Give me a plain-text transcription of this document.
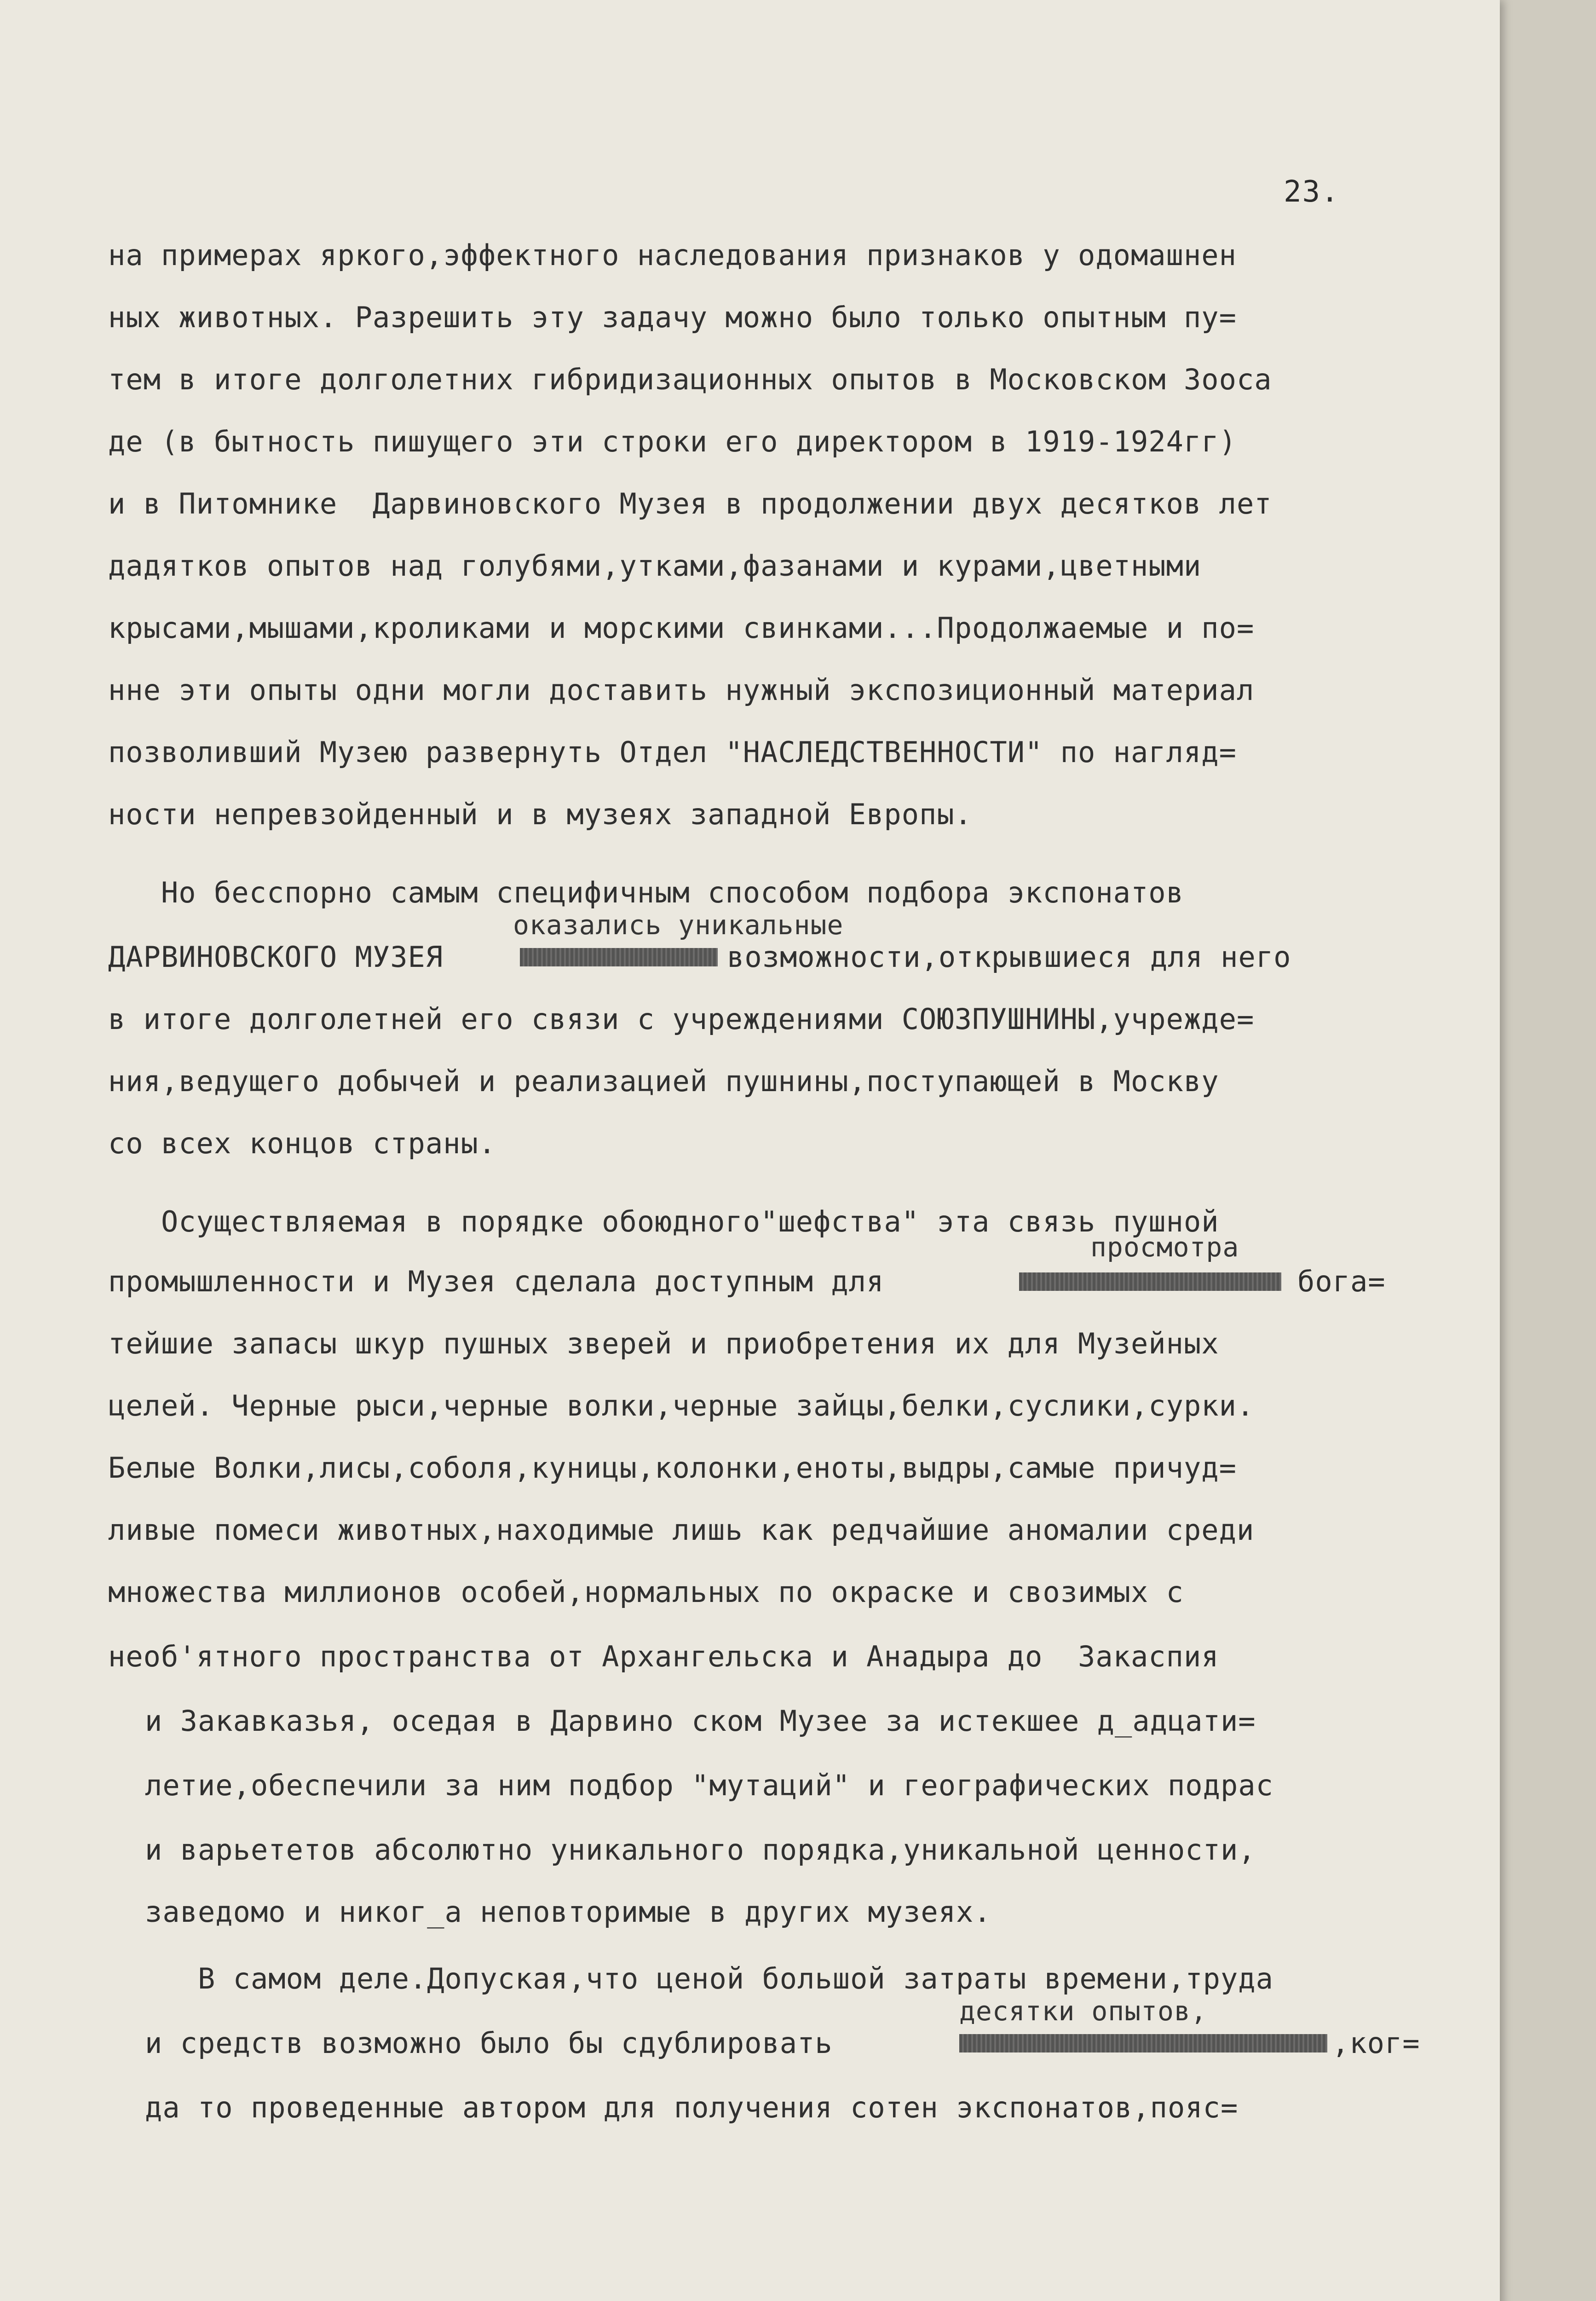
23.
на примерах яркого,эффектного наследования признаков у одомашнен
ных животных. Разрешить эту задачу можно было только опытным пу=
тем в итоге долголетних гибридизационных опытов в Московском Зооса
де (в бытность пишущего эти строки его директором в 1919-1924гг)
и в Питомнике  Дарвиновского Музея в продолжении двух десятков лет
дадятков опытов над голубями,утками,фазанами и курами,цветными
крысами,мышами,кроликами и морскими свинками...Продолжаемые и по=
нне эти опыты одни могли доставить нужный экспозиционный материал
позволивший Музею развернуть Отдел "НАСЛЕДСТВЕННОСТИ" по нагляд=
ности непревзойденный и в музеях западной Европы.
Но бесспорно самым специфичным способом подбора экспонатов
оказались уникальные
ДАРВИНОВСКОГО МУЗЕЯ	возможности,открывшиеся для него
в итоге долголетней его связи с учреждениями СОЮЗПУШНИНЫ,учрежде=
ния,ведущего добычей и реализацией пушнины,поступающей в Москву
со всех концов страны.
Осуществляемая в порядке обоюдного"шефства" эта связь пушной
просмотра
промышленности и Музея сделала доступным для	бога=
тейшие запасы шкур пушных зверей и приобретения их для Музейных
целей. Черные рыси,черные волки,черные зайцы,белки,суслики,сурки.
Белые Волки,лисы,соболя,куницы,колонки,еноты,выдры,самые причуд=
ливые помеси животных,находимые лишь как редчайшие аномалии среди
множества миллионов особей,нормальных по окраске и свозимых с
необ'ятного пространства от Архангельска и Анадыра до  Закаспия
и Закавказья, оседая в Дарвино ском Музее за истекшее д_адцати=
летие,обеспечили за ним подбор "мутаций" и географических подрас
и варьететов абсолютно уникального порядка,уникальной ценности,
заведомо и никог_а неповторимые в других музеях.
В самом деле.Допуская,что ценой большой затраты времени,труда
десятки опытов,
и средств возможно было бы сдублировать	,ког=
да то проведенные автором для получения сотен экспонатов,пояс=
